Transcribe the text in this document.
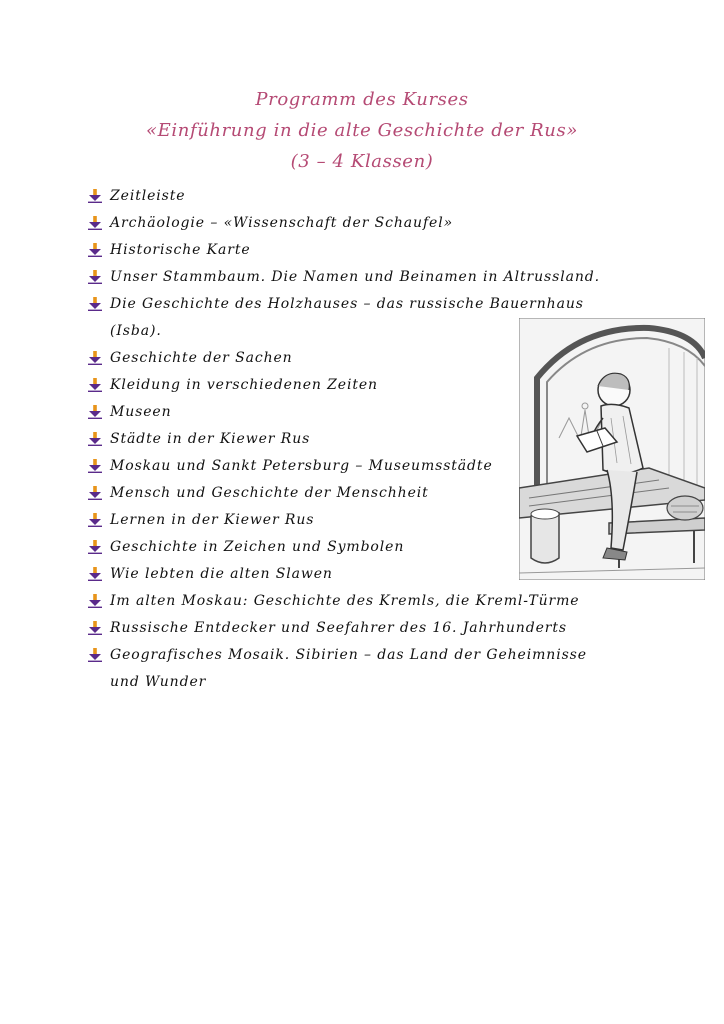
Programm des Kurses
«Einführung in die alte Geschichte der Rus»
(3 – 4 Klassen)
Zeitleiste
Archäologie – «Wissenschaft der Schaufel»
Historische Karte
Unser Stammbaum. Die Namen und Beinamen in Altrussland.
Die Geschichte des Holzhauses – das russische Bauernhaus
(Isba).
Geschichte der Sachen
Kleidung in verschiedenen Zeiten
Museen
Städte in der Kiewer Rus
Moskau und Sankt Petersburg – Museumsstädte
Mensch und Geschichte der Menschheit
Lernen in der Kiewer Rus
Geschichte in Zeichen und Symbolen
Wie lebten die alten Slawen
Im alten Moskau: Geschichte des Kremls, die Kreml-Türme
Russische Entdecker und Seefahrer des 16. Jahrhunderts
Geografisches Mosaik. Sibirien – das Land der Geheimnisse
und Wunder
